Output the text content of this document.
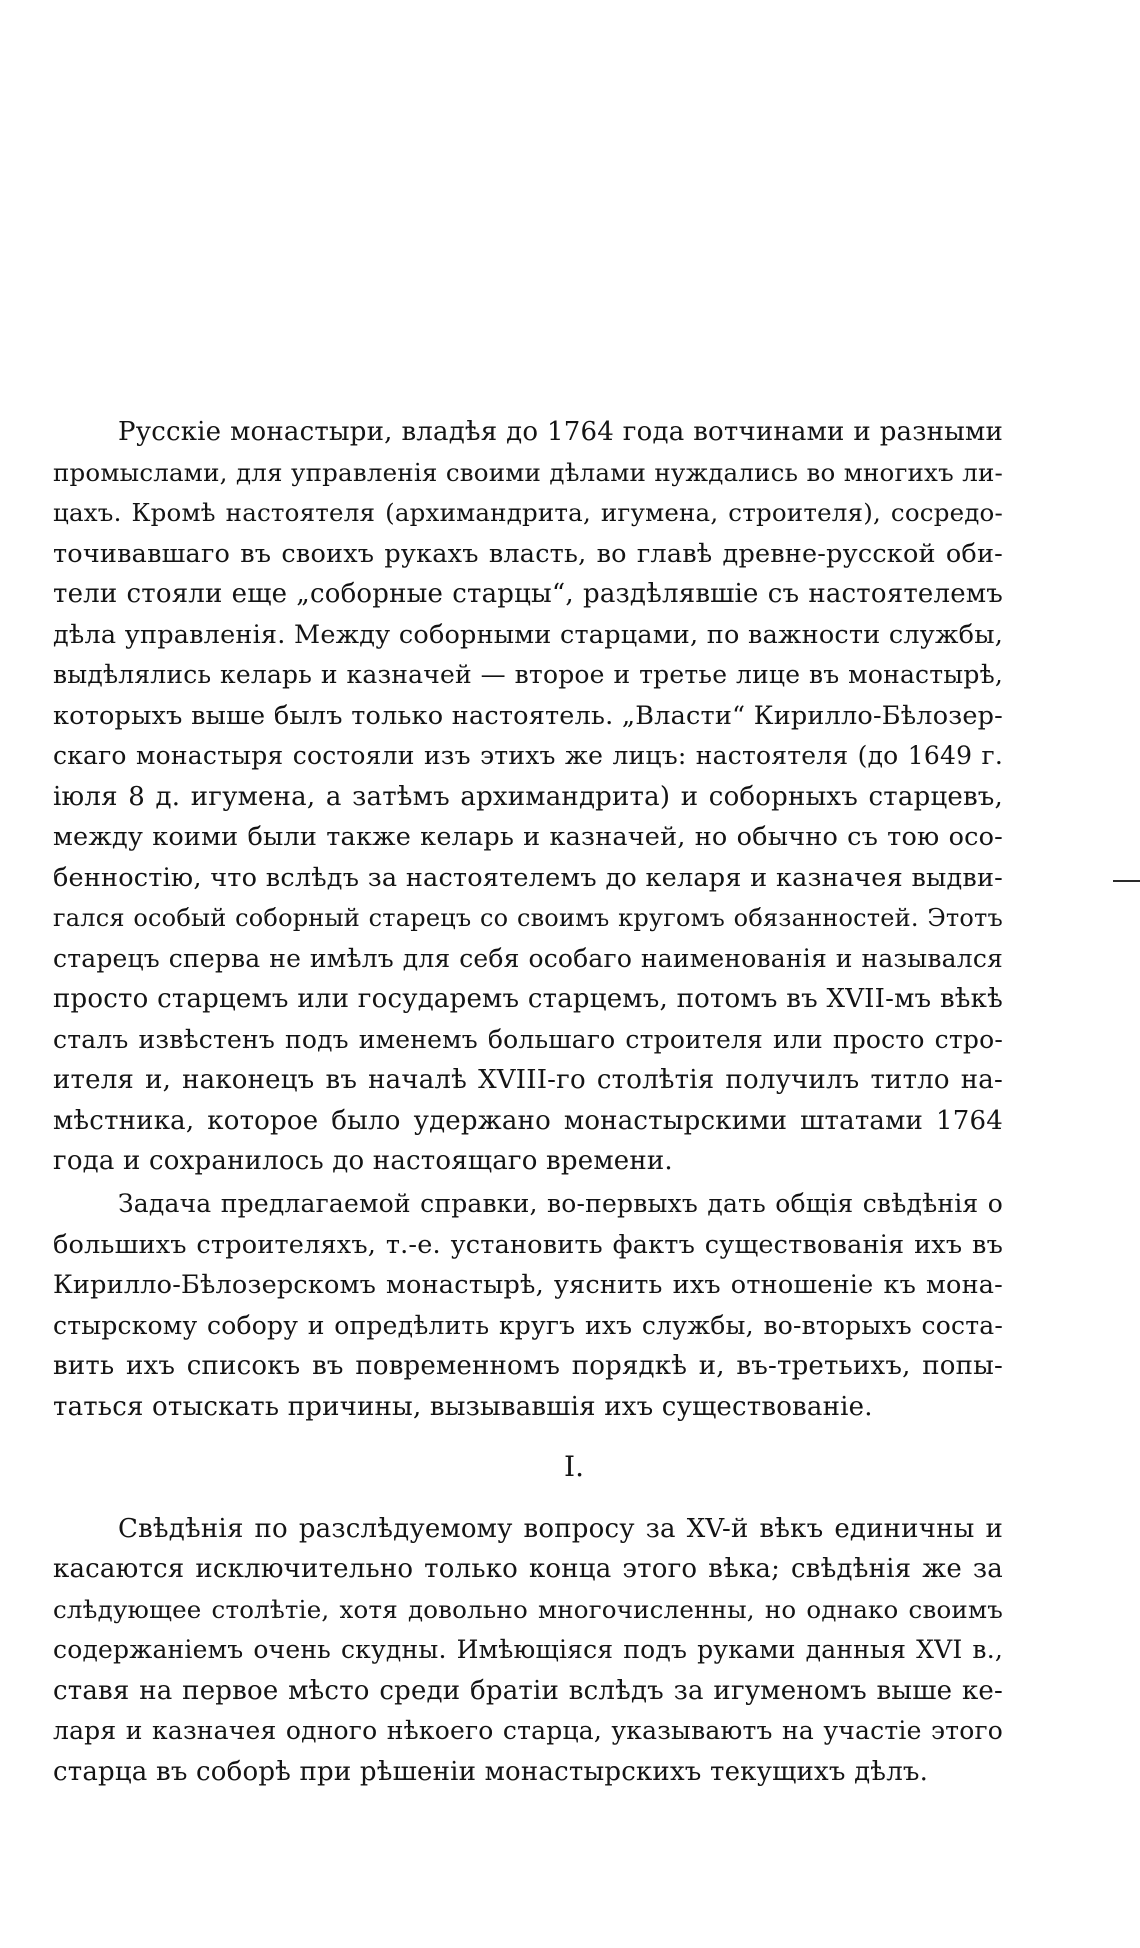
Русскіе монастыри, владѣя до 1764 года вотчинами и разными
промыслами, для управленія своими дѣлами нуждались во многихъ ли-
цахъ. Кромѣ настоятеля (архимандрита, игумена, строителя), сосредо-
точивавшаго въ своихъ рукахъ власть, во главѣ древне-русской оби-
тели стояли еще „соборные старцы“, раздѣлявшіе съ настоятелемъ
дѣла управленія. Между соборными старцами, по важности службы,
выдѣлялись келарь и казначей — второе и третье лице въ монастырѣ,
которыхъ выше былъ только настоятель. „Власти“ Кирилло-Бѣлозер-
скаго монастыря состояли изъ этихъ же лицъ: настоятеля (до 1649 г.
іюля 8 д. игумена, а затѣмъ архимандрита) и соборныхъ старцевъ,
между коими были также келарь и казначей, но обычно съ тою осо-
бенностію, что вслѣдъ за настоятелемъ до келаря и казначея выдви-
гался особый соборный старецъ со своимъ кругомъ обязанностей. Этотъ
старецъ сперва не имѣлъ для себя особаго наименованія и назывался
просто старцемъ или государемъ старцемъ, потомъ въ XVII-мъ вѣкѣ
сталъ извѣстенъ подъ именемъ большаго строителя или просто стро-
ителя и, наконецъ въ началѣ XVIII-го столѣтія получилъ титло на-
мѣстника, которое было удержано монастырскими штатами 1764
года и сохранилось до настоящаго времени.
Задача предлагаемой справки, во-первыхъ дать общія свѣдѣнія о
большихъ строителяхъ, т.-е. установить фактъ существованія ихъ въ
Кирилло-Бѣлозерскомъ монастырѣ, уяснить ихъ отношеніе къ мона-
стырскому собору и опредѣлить кругъ ихъ службы, во-вторыхъ соста-
вить ихъ списокъ въ повременномъ порядкѣ и, въ-третьихъ, попы-
таться отыскать причины, вызывавшія ихъ существованіе.
I.
Свѣдѣнія по разслѣдуемому вопросу за XV-й вѣкъ единичны и
касаются исключительно только конца этого вѣка; свѣдѣнія же за
слѣдующее столѣтіе, хотя довольно многочисленны, но однако своимъ
содержаніемъ очень скудны. Имѣющіяся подъ руками данныя XVI в.,
ставя на первое мѣсто среди братіи вслѣдъ за игуменомъ выше ке-
ларя и казначея одного нѣкоего старца, указываютъ на участіе этого
старца въ соборѣ при рѣшеніи монастырскихъ текущихъ дѣлъ.
